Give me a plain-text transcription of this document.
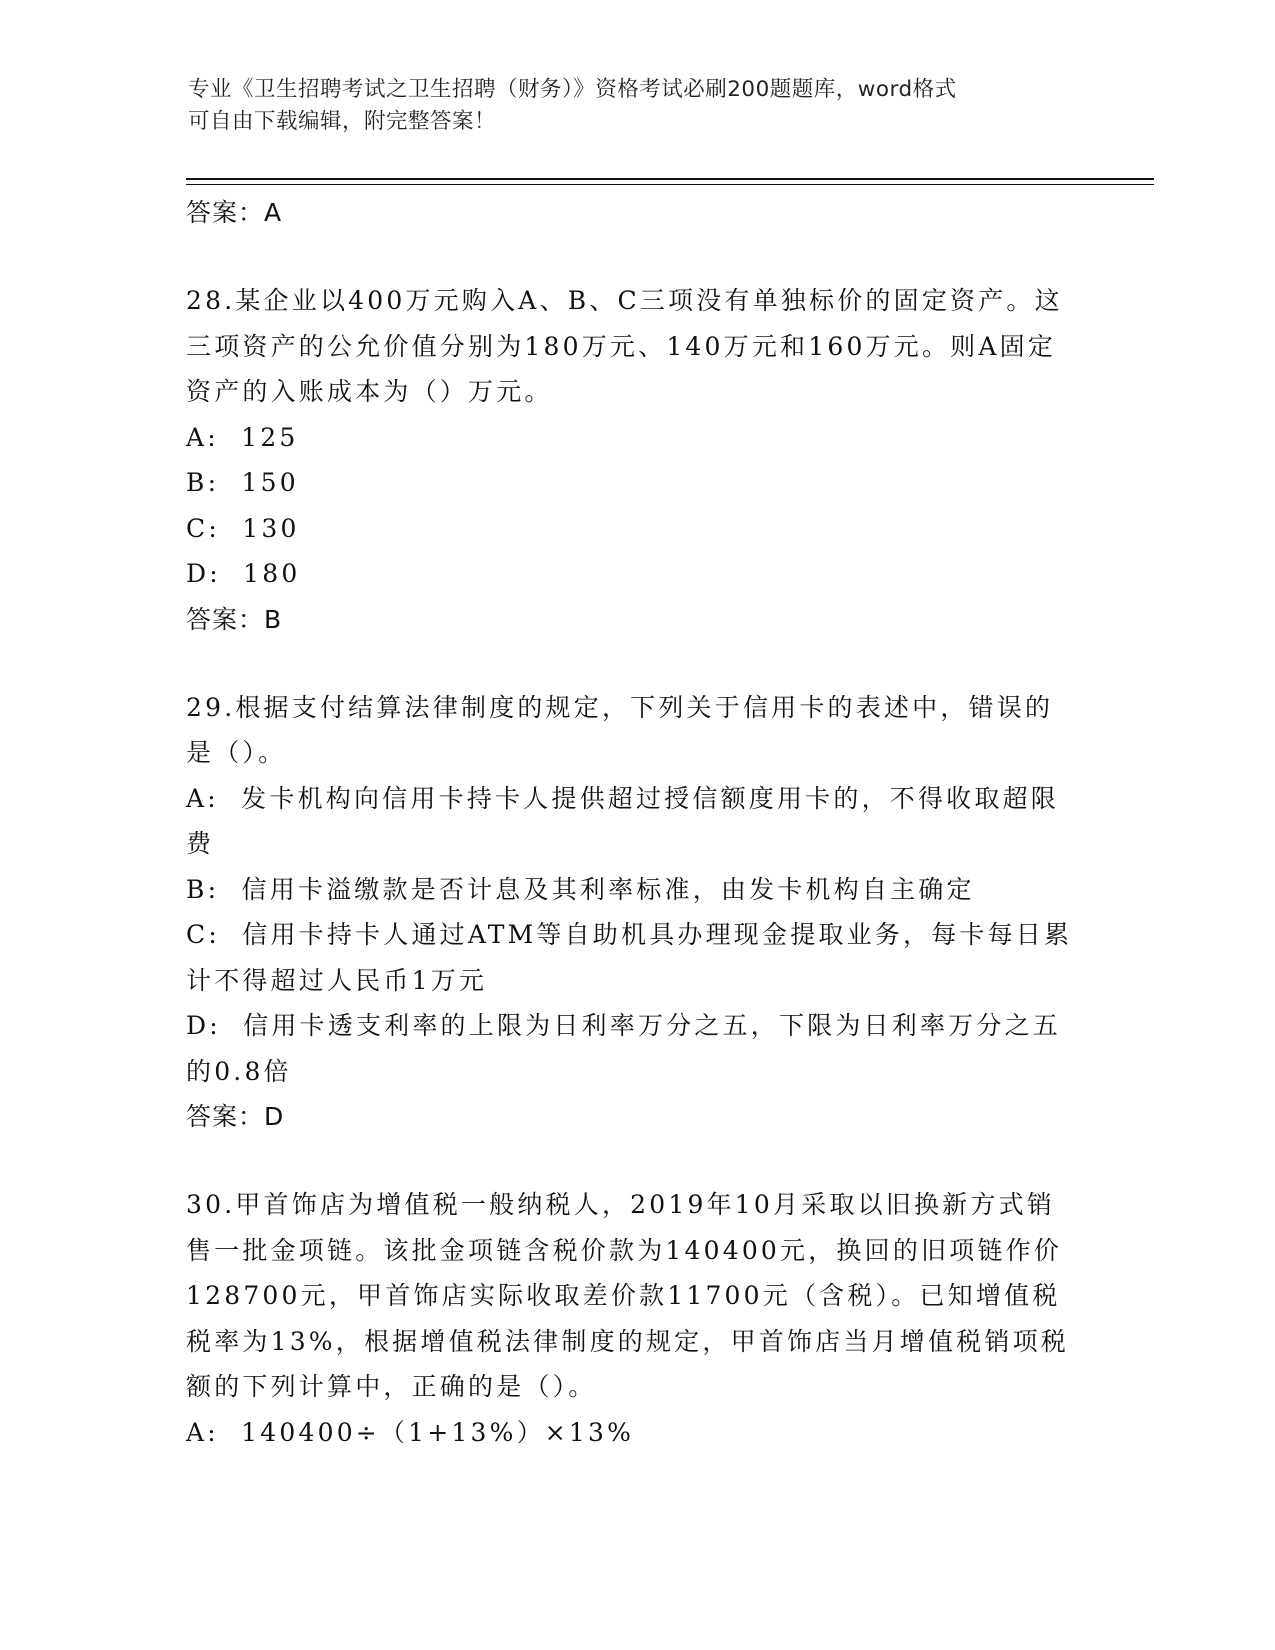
专业《卫生招聘考试之卫生招聘（财务）》资格考试必刷200题题库，word格式
可自由下载编辑，附完整答案！

答案：A

28.某企业以400万元购入A、B、C三项没有单独标价的固定资产。这

三项资产的公允价值分别为180万元、140万元和160万元。则A固定

资产的入账成本为（）万元。

A:  125

B:  150

C:  130

D:  180

答案：B

29.根据支付结算法律制度的规定，下列关于信用卡的表述中，错误的

是（）。

A:  发卡机构向信用卡持卡人提供超过授信额度用卡的，不得收取超限

费

B:  信用卡溢缴款是否计息及其利率标准，由发卡机构自主确定

C:  信用卡持卡人通过ATM等自助机具办理现金提取业务，每卡每日累

计不得超过人民币1万元

D:  信用卡透支利率的上限为日利率万分之五，下限为日利率万分之五

的0.8倍

答案：D

30.甲首饰店为增值税一般纳税人，2019年10月采取以旧换新方式销

售一批金项链。该批金项链含税价款为140400元，换回的旧项链作价

128700元，甲首饰店实际收取差价款11700元（含税）。已知增值税

税率为13%，根据增值税法律制度的规定，甲首饰店当月增值税销项税

额的下列计算中，正确的是（）。

A:  140400÷（1+13%）×13%
